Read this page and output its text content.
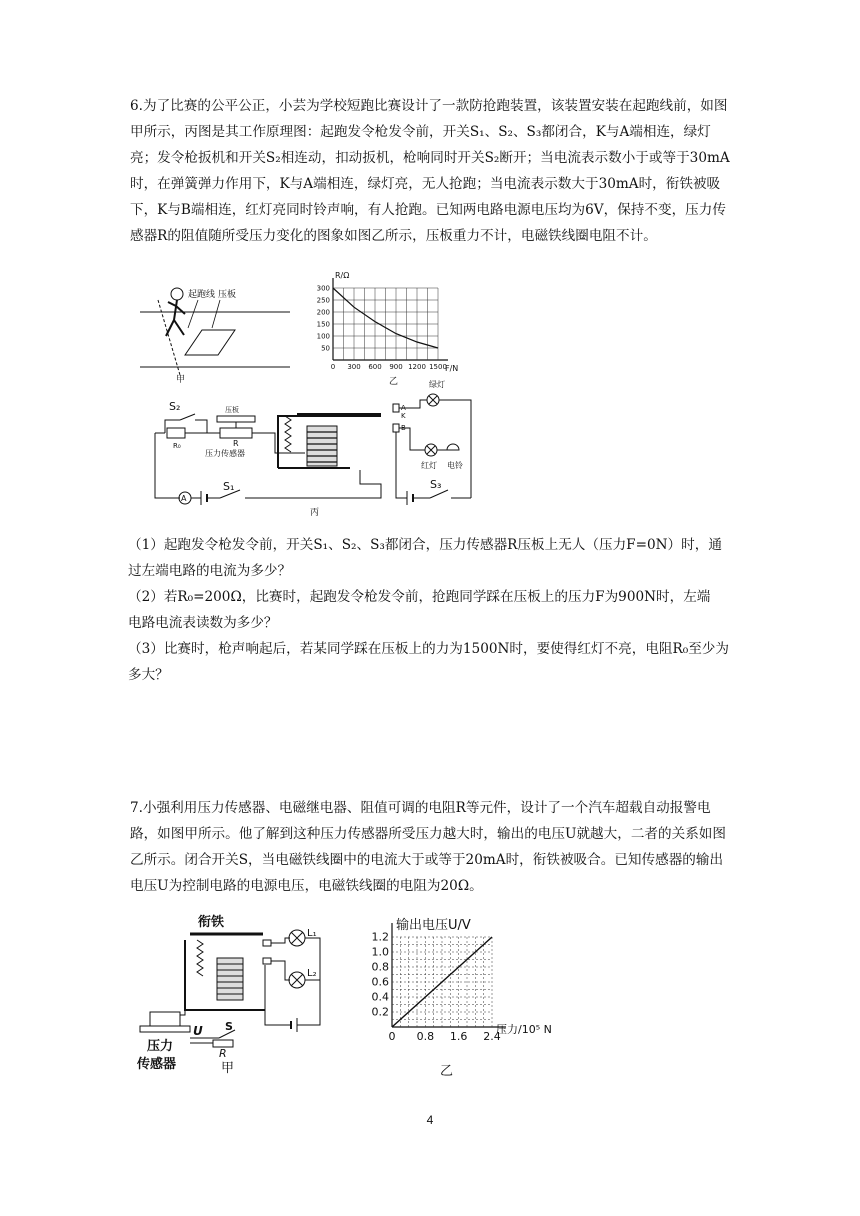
6.为了比赛的公平公正，小芸为学校短跑比赛设计了一款防抢跑装置，该装置安装在起跑线前，如图甲所示，丙图是其工作原理图：起跑发令枪发令前，开关S₁、S₂、S₃都闭合，K与A端相连，绿灯亮；发令枪扳机和开关S₂相连动，扣动扳机，枪响同时开关S₂断开；当电流表示数小于或等于30mA时，在弹簧弹力作用下，K与A端相连，绿灯亮，无人抢跑；当电流表示数大于30mA时，衔铁被吸下，K与B端相连，红灯亮同时铃声响，有人抢跑。已知两电路电源电压均为6V，保持不变，压力传感器R的阻值随所受压力变化的图象如图乙所示，压板重力不计，电磁铁线圈电阻不计。

起跑线 压板
甲
R/Ω
F/N
乙
300
250
200
150
100
50
0 300 600 900 1200 1500
A
S₁
S₂
R₀
压板
R
压力传感器
A
K
B
绿灯
红灯 电铃
S₃
丙

（1）起跑发令枪发令前，开关S₁、S₂、S₃都闭合，压力传感器R压板上无人（压力F=0N）时，通过左端电路的电流为多少？

（2）若R₀=200Ω，比赛时，起跑发令枪发令前，抢跑同学踩在压板上的压力F为900N时，左端

电路电流表读数为多少？

（3）比赛时，枪声响起后，若某同学踩在压板上的力为1500N时，要使得红灯不亮，电阻R₀至少为多大？

7.小强利用压力传感器、电磁继电器、阻值可调的电阻R等元件，设计了一个汽车超载自动报警电路，如图甲所示。他了解到这种压力传感器所受压力越大时，输出的电压U就越大，二者的关系如图乙所示。闭合开关S，当电磁铁线圈中的电流大于或等于20mA时，衔铁被吸合。已知传感器的输出电压U为控制电路的电源电压，电磁铁线圈的电阻为20Ω。

衔铁
L₁
L₂
U S
R
压力
传感器	甲
输出电压U/V
压力/10⁵ N
乙
1.2
1.0
0.8
0.6
0.4
0.2
0 0.8 1.6 2.4
4
